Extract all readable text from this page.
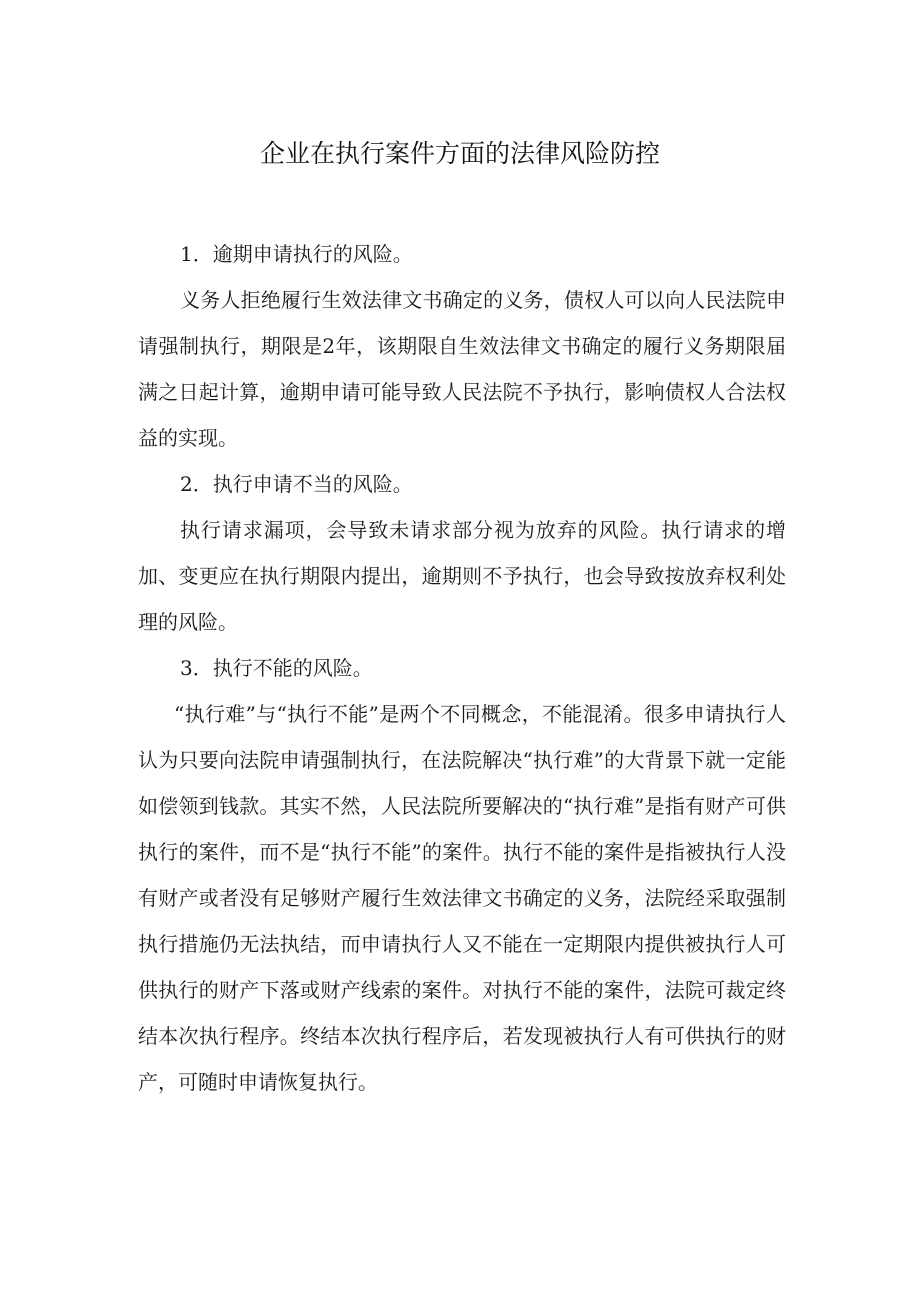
企业在执行案件方面的法律风险防控

1．逾期申请执行的风险。

义务人拒绝履行生效法律文书确定的义务，债权人可以向人民法院申请强制执行，期限是2年，该期限自生效法律文书确定的履行义务期限届满之日起计算，逾期申请可能导致人民法院不予执行，影响债权人合法权益的实现。

2．执行申请不当的风险。

执行请求漏项，会导致未请求部分视为放弃的风险。执行请求的增加、变更应在执行期限内提出，逾期则不予执行，也会导致按放弃权利处理的风险。

3．执行不能的风险。

“执行难”与“执行不能”是两个不同概念，不能混淆。很多申请执行人认为只要向法院申请强制执行，在法院解决“执行难”的大背景下就一定能如偿领到钱款。其实不然，人民法院所要解决的“执行难”是指有财产可供执行的案件，而不是“执行不能”的案件。执行不能的案件是指被执行人没有财产或者没有足够财产履行生效法律文书确定的义务，法院经采取强制执行措施仍无法执结，而申请执行人又不能在一定期限内提供被执行人可供执行的财产下落或财产线索的案件。对执行不能的案件，法院可裁定终结本次执行程序。终结本次执行程序后，若发现被执行人有可供执行的财产，可随时申请恢复执行。
